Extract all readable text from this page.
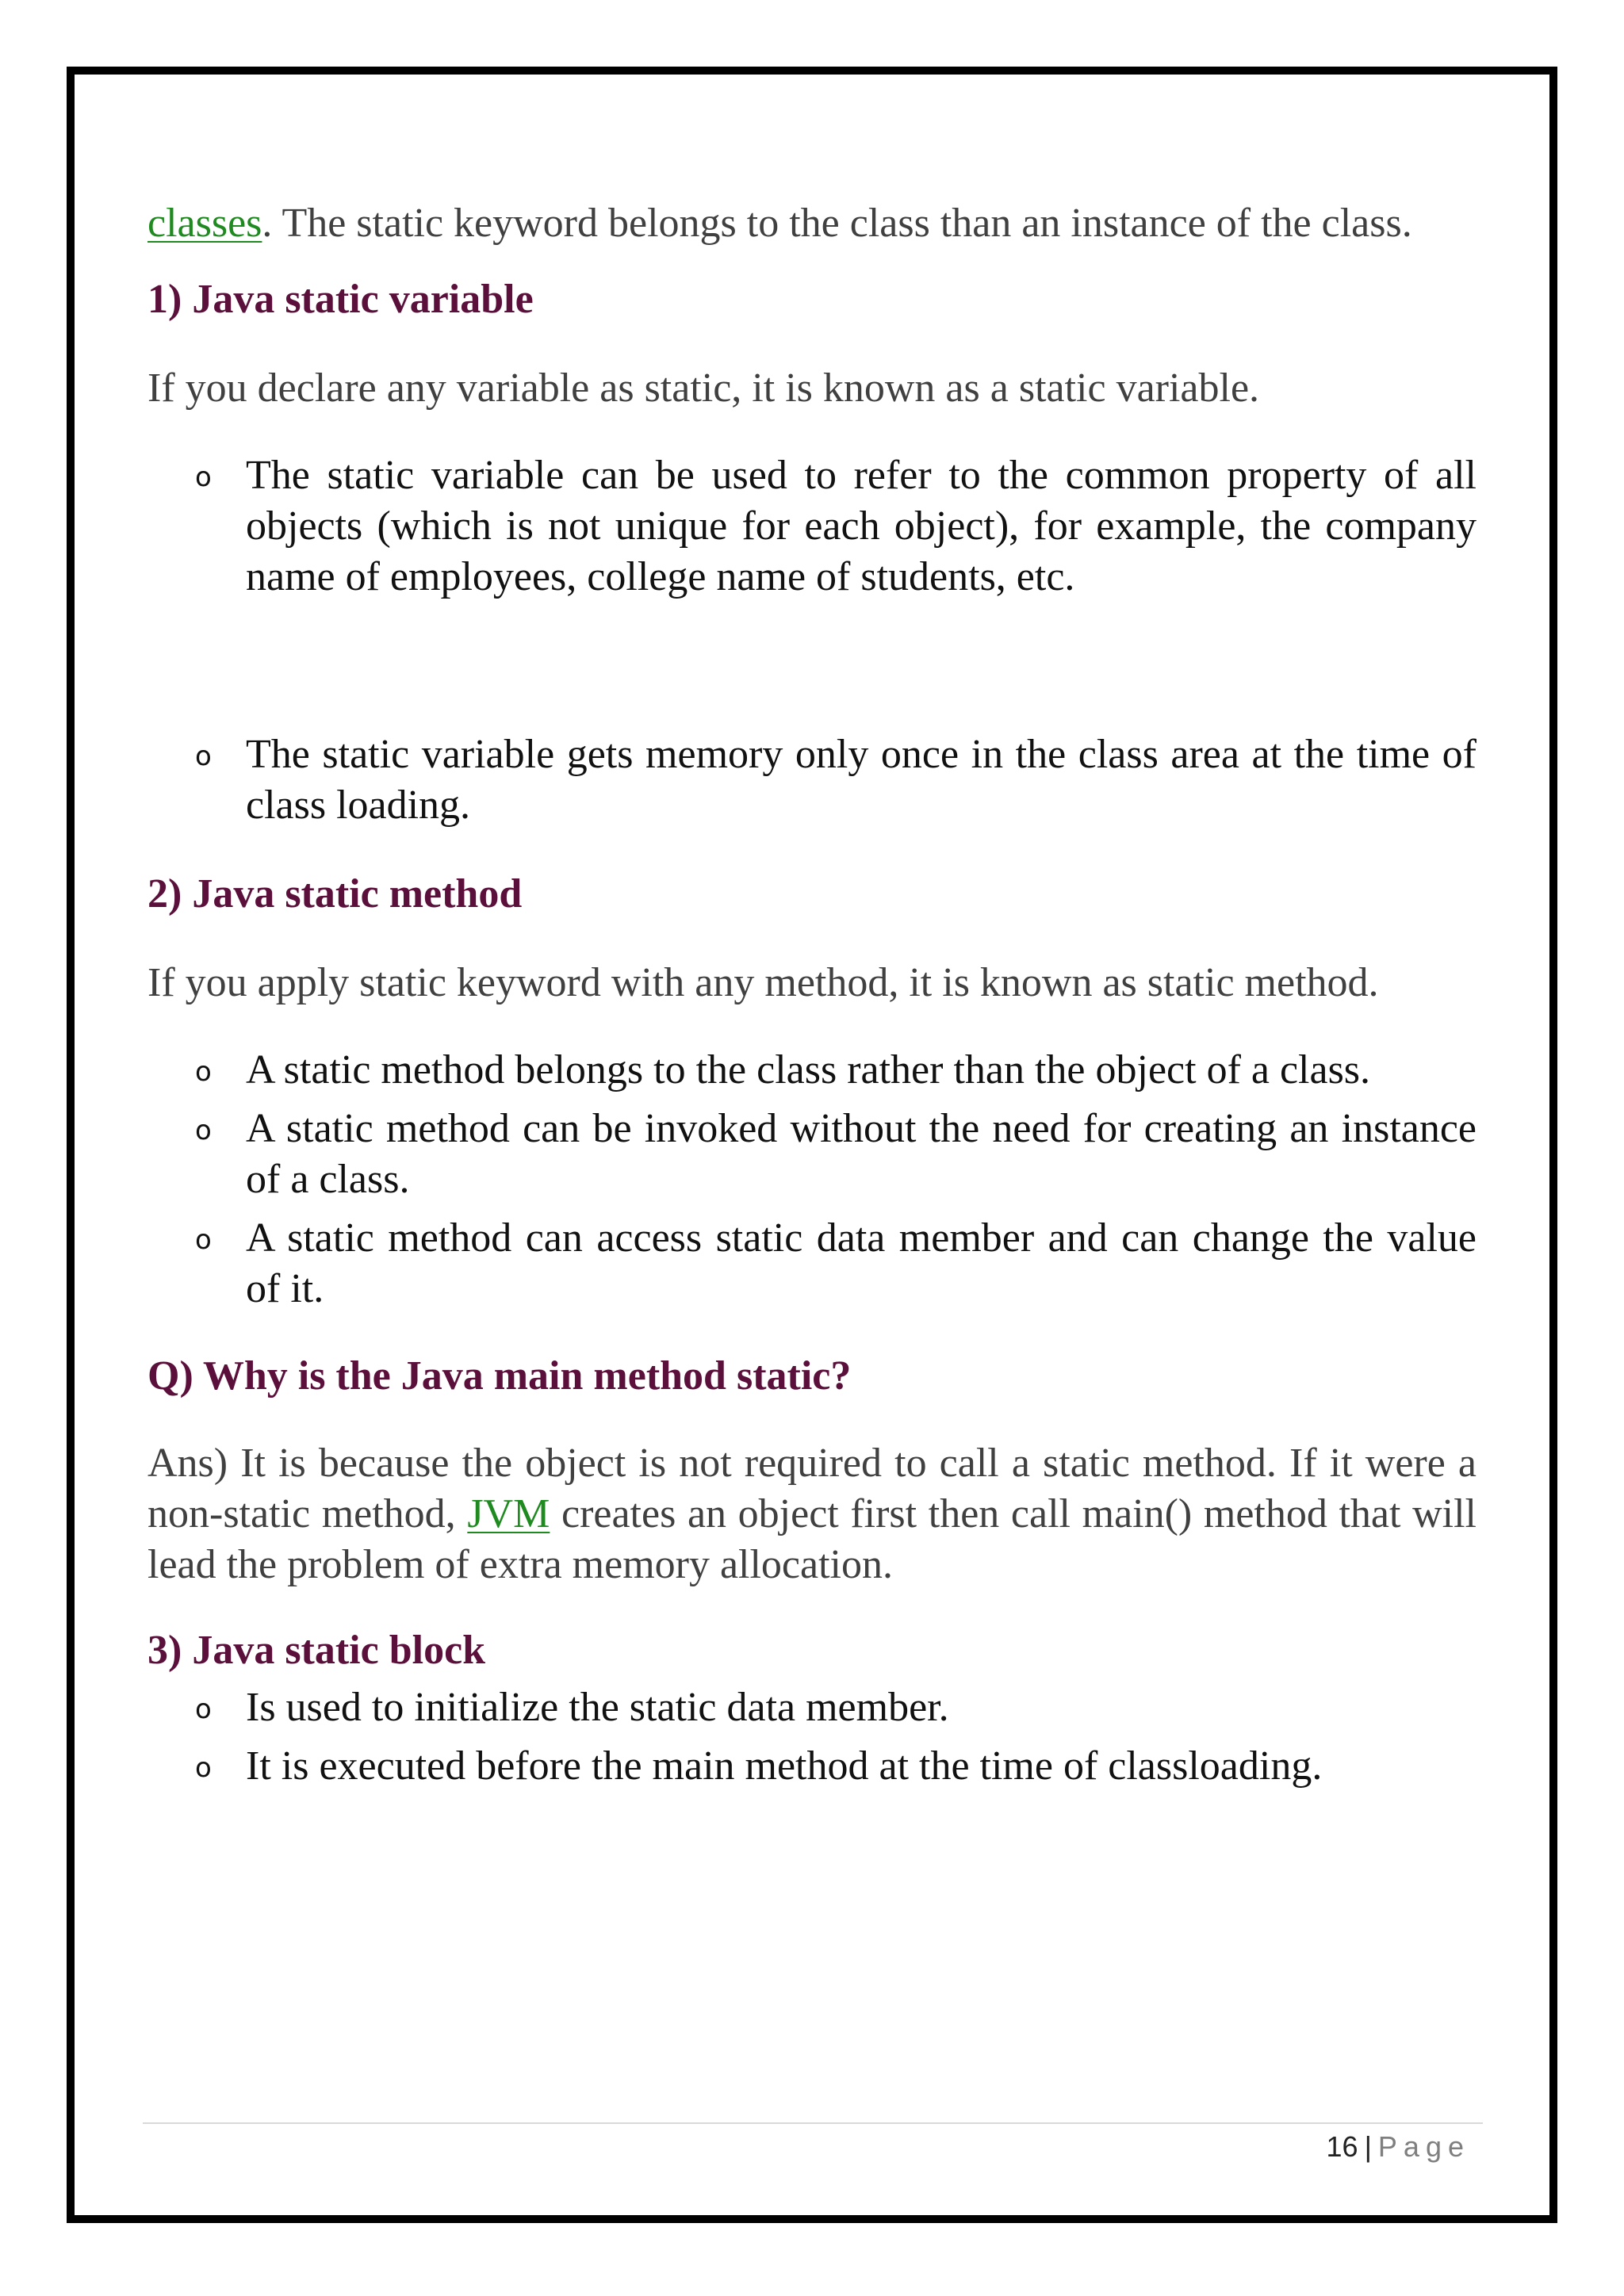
classes. The static keyword belongs to the class than an instance of the class.

1) Java static variable

If you declare any variable as static, it is known as a static variable.

o The static variable can be used to refer to the common property of all objects (which is not unique for each object), for example, the company name of employees, college name of students, etc.
o The static variable gets memory only once in the class area at the time of class loading.
2) Java static method

If you apply static keyword with any method, it is known as static method.

o A static method belongs to the class rather than the object of a class.
o A static method can be invoked without the need for creating an instance of a class.
o A static method can access static data member and can change the value of it.
Q) Why is the Java main method static?

Ans) It is because the object is not required to call a static method. If it were a non-static method, JVM creates an object first then call main() method that will lead the problem of extra memory allocation.

3) Java static block
o Is used to initialize the static data member.
o It is executed before the main method at the time of classloading.
16 | Page
